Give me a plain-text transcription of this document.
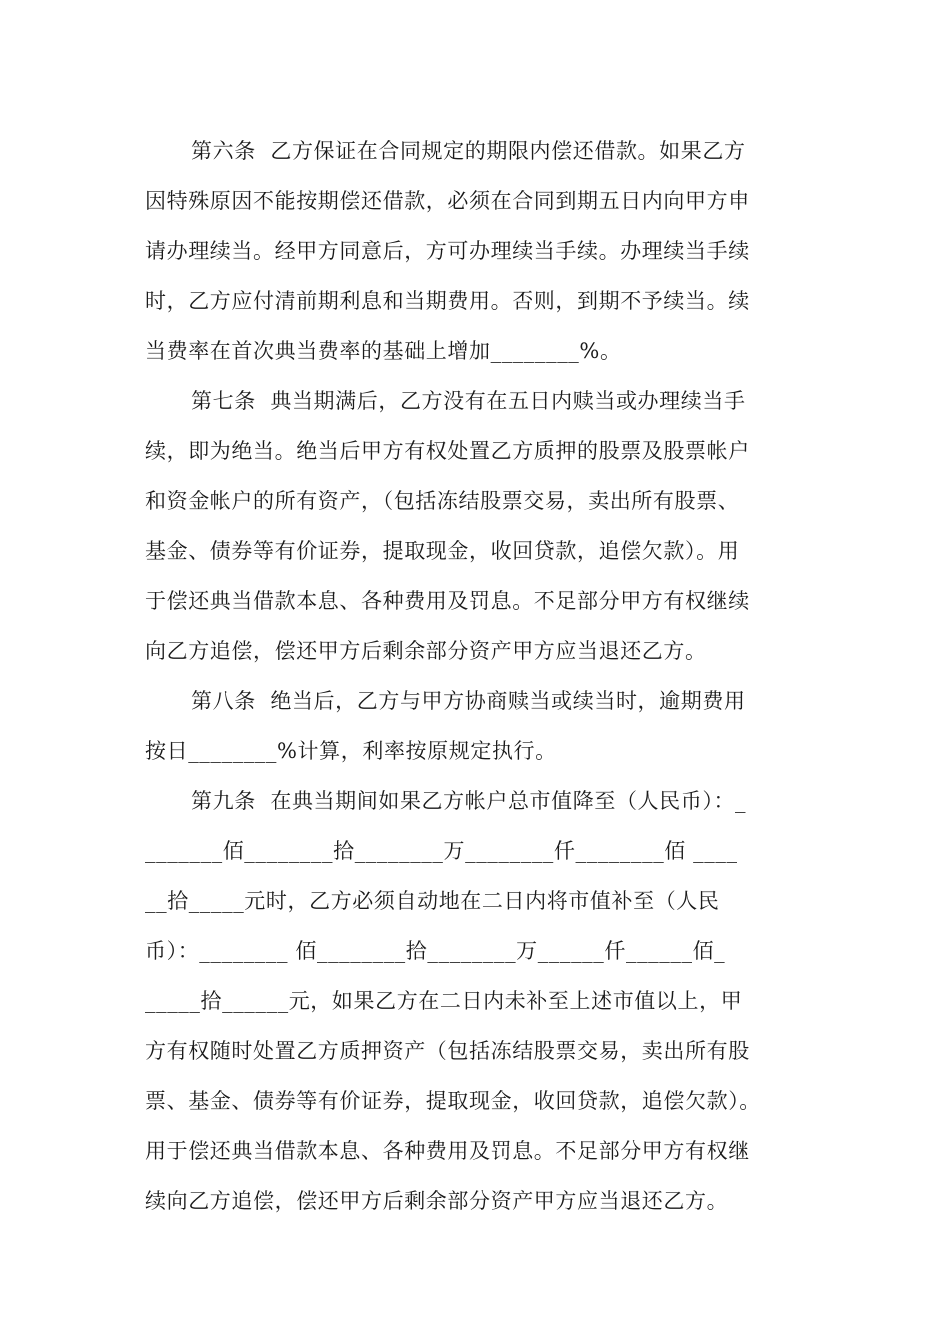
第六条  乙方保证在合同规定的期限内偿还借款。如果乙方
因特殊原因不能按期偿还借款，必须在合同到期五日内向甲方申
请办理续当。经甲方同意后，方可办理续当手续。办理续当手续
时，乙方应付清前期利息和当期费用。否则，到期不予续当。续
当费率在首次典当费率的基础上增加________%。
第七条  典当期满后，乙方没有在五日内赎当或办理续当手
续，即为绝当。绝当后甲方有权处置乙方质押的股票及股票帐户
和资金帐户的所有资产，（包括冻结股票交易，卖出所有股票、
基金、债券等有价证券，提取现金，收回贷款，追偿欠款）。用
于偿还典当借款本息、各种费用及罚息。不足部分甲方有权继续
向乙方追偿，偿还甲方后剩余部分资产甲方应当退还乙方。
第八条  绝当后，乙方与甲方协商赎当或续当时，逾期费用
按日________%计算，利率按原规定执行。
第九条  在典当期间如果乙方帐户总市值降至（人民币）：_
_______佰________拾________万________仟________佰 ____
__拾_____元时，乙方必须自动地在二日内将市值补至（人民
币）：________ 佰________拾________万______仟______佰_
_____拾______元，如果乙方在二日内未补至上述市值以上，甲
方有权随时处置乙方质押资产（包括冻结股票交易，卖出所有股
票、基金、债券等有价证券，提取现金，收回贷款，追偿欠款）。
用于偿还典当借款本息、各种费用及罚息。不足部分甲方有权继
续向乙方追偿，偿还甲方后剩余部分资产甲方应当退还乙方。
